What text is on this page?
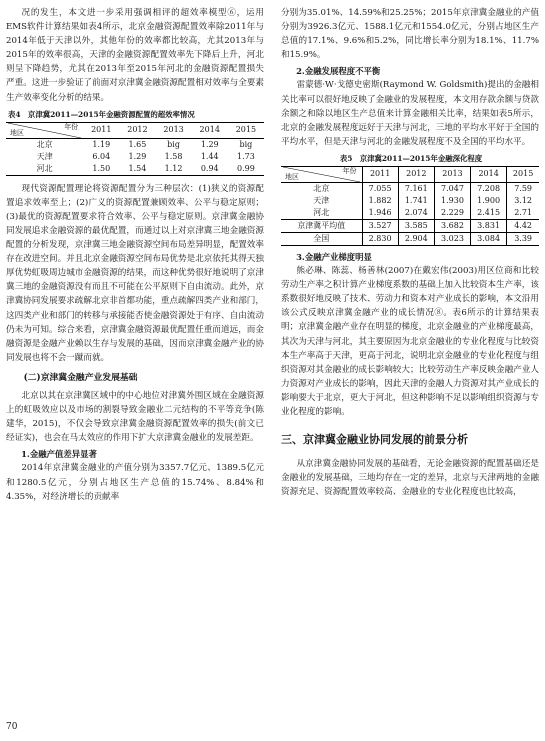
况的发生，本文进一步采用强调相评的超效率模型⑥，运用EMS软件计算结果如表4所示，北京金融资源配置效率除2011年与2014年低于天津以外，其他年份的效率都比较高，尤其2013年与2015年的效率很高，天津的金融资源配置效率先下降后上升，河北则呈下降趋势，尤其在2013年至2015年河北的金融资源配置损失严重。这进一步验证了前面对京津冀金融资源配置相对效率与全要素生产效率变化分析的结果。

表4　京津冀2011—2015年金融资源配置的超效率情况
年份
地区	2011	2012	2013	2014	2015
北京	1.19	1.65	big	1.29	big
天津	6.04	1.29	1.58	1.44	1.73
河北	1.50	1.54	1.12	0.94	0.99

现代资源配置理论将资源配置分为三种层次：(1)狭义的资源配置追求效率至上；(2)广义的资源配置兼顾效率、公平与稳定原则；(3)最优的资源配置要求符合效率、公平与稳定原则。京津冀金融协同发展追求金融资源的最优配置，而通过以上对京津冀三地金融资源配置的分析发现，京津冀三地金融资源空间布局差异明显，配置效率存在改进空间。并且北京金融资源空间布局优势是北京依托其得天独厚优势虹吸周边城市金融资源的结果，而这种优势很好地说明了京津冀三地的金融资源没有而且不可能在公平原则下自由流动。此外，京津冀协同发展要求疏解北京非首都功能，重点疏解四类产业和部门，这四类产业和部门的转移与承接能否使金融资源处于有序、自由流动仍未为可知。综合来看，京津冀金融资源最优配置任重而道远，而金融资源是金融产业赖以生存与发展的基础，因而京津冀金融产业的协同发展也将不会一蹴而就。

(二)京津冀金融产业发展基础

北京以其在京津冀区域中的中心地位对津冀外围区域在金融资源上的虹吸效应以及市场的割裂导致金融业二元结构的不平等竞争(陈建华，2015)，不仅会导致京津冀金融资源配置效率的损失(前文已经证实)，也会在马太效应的作用下扩大京津冀金融业的发展差距。

1.金融产值差异显著

2014年京津冀金融业的产值分别为3357.7亿元、1389.5亿元和1280.5亿元，分别占地区生产总值的15.74%、8.84%和4.35%，对经济增长的贡献率

分别为35.01%、14.59%和25.25%；2015年京津冀金融业的产值分别为3926.3亿元、1588.1亿元和1554.0亿元，分别占地区生产总值的17.1%、9.6%和5.2%，同比增长率分别为18.1%、11.7%和15.9%。

2.金融发展程度不平衡

雷蒙德·W·戈德史密斯(Raymond W. Goldsmith)提出的金融相关比率可以很好地反映了金融业的发展程度，本文用存款余额与贷款余额之和除以地区生产总值来计算金融相关比率，结果如表5所示，北京的金融发展程度远好于天津与河北，三地的平均水平好于全国的平均水平，但是天津与河北的金融发展程度不及全国的平均水平。

表5　京津冀2011—2015年金融深化程度
年份
地区	2011	2012	2013	2014	2015
北京	7.055	7.161	7.047	7.208	7.59
天津	1.882	1.741	1.930	1.900	3.12
河北	1.946	2.074	2.229	2.415	2.71
京津冀平均值	3.527	3.585	3.682	3.831	4.42
全国	2.830	2.904	3.023	3.084	3.39
3.金融产业梯度明显

熊必琳、陈蕊、杨善林(2007)在戴宏伟(2003)用区位商和比较劳动生产率之积计算产业梯度系数的基础上加入比较资本生产率，该系数很好地反映了技术、劳动力和资本对产业成长的影响，本文沿用该公式反映京津冀金融产业的成长情况⑧。表6所示的计算结果表明；京津冀金融产业存在明显的梯度，北京金融业的产业梯度最高，其次为天津与河北，其主要原因为北京金融业的专业化程度与比较资本生产率高于天津，更高于河北，说明北京金融业的专业化程度与组织资源对其金融业的成长影响较大；比较劳动生产率反映金融产业人力资源对产业成长的影响，因此天津的金融人力资源对其产业成长的影响要大于北京，更大于河北，但这种影响不足以影响组织资源与专业化程度的影响。

三、京津冀金融业协同发展的前景分析

从京津冀金融协同发展的基础看，无论金融资源的配置基础还是金融业的发展基础，三地均存在一定的差异，北京与天津两地的金融资源充足、资源配置效率较高、金融业的专业化程度也比较高，

70
